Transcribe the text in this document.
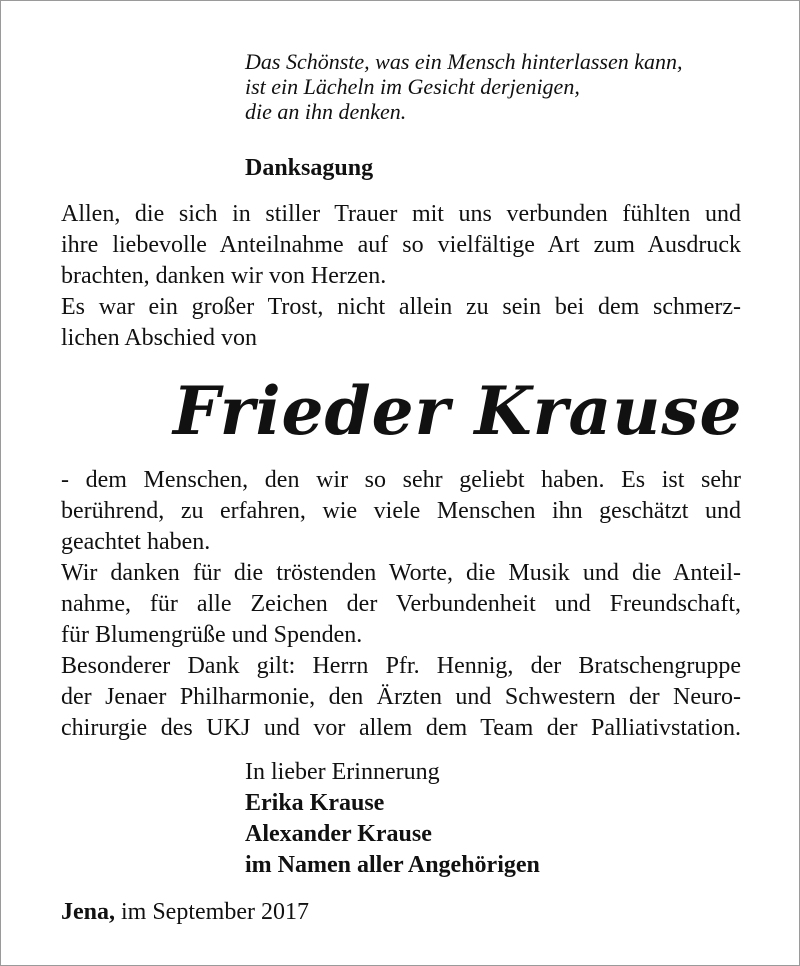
Das Schönste, was ein Mensch hinterlassen kann,
ist ein Lächeln im Gesicht derjenigen,
die an ihn denken.
Danksagung
Allen, die sich in stiller Trauer mit uns verbunden fühlten und
ihre liebevolle Anteilnahme auf so vielfältige Art zum Ausdruck
brachten, danken wir von Herzen.
Es war ein großer Trost, nicht allein zu sein bei dem schmerz-
lichen Abschied von
Frieder Krause
- dem Menschen, den wir so sehr geliebt haben. Es ist sehr
berührend, zu erfahren, wie viele Menschen ihn geschätzt und
geachtet haben.
Wir danken für die tröstenden Worte, die Musik und die Anteil-
nahme, für alle Zeichen der Verbundenheit und Freundschaft,
für Blumengrüße und Spenden.
Besonderer Dank gilt: Herrn Pfr. Hennig, der Bratschengruppe
der Jenaer Philharmonie, den Ärzten und Schwestern der Neuro-
chirurgie des UKJ und vor allem dem Team der Palliativstation.
In lieber Erinnerung
Erika Krause
Alexander Krause
im Namen aller Angehörigen
Jena, im September 2017
